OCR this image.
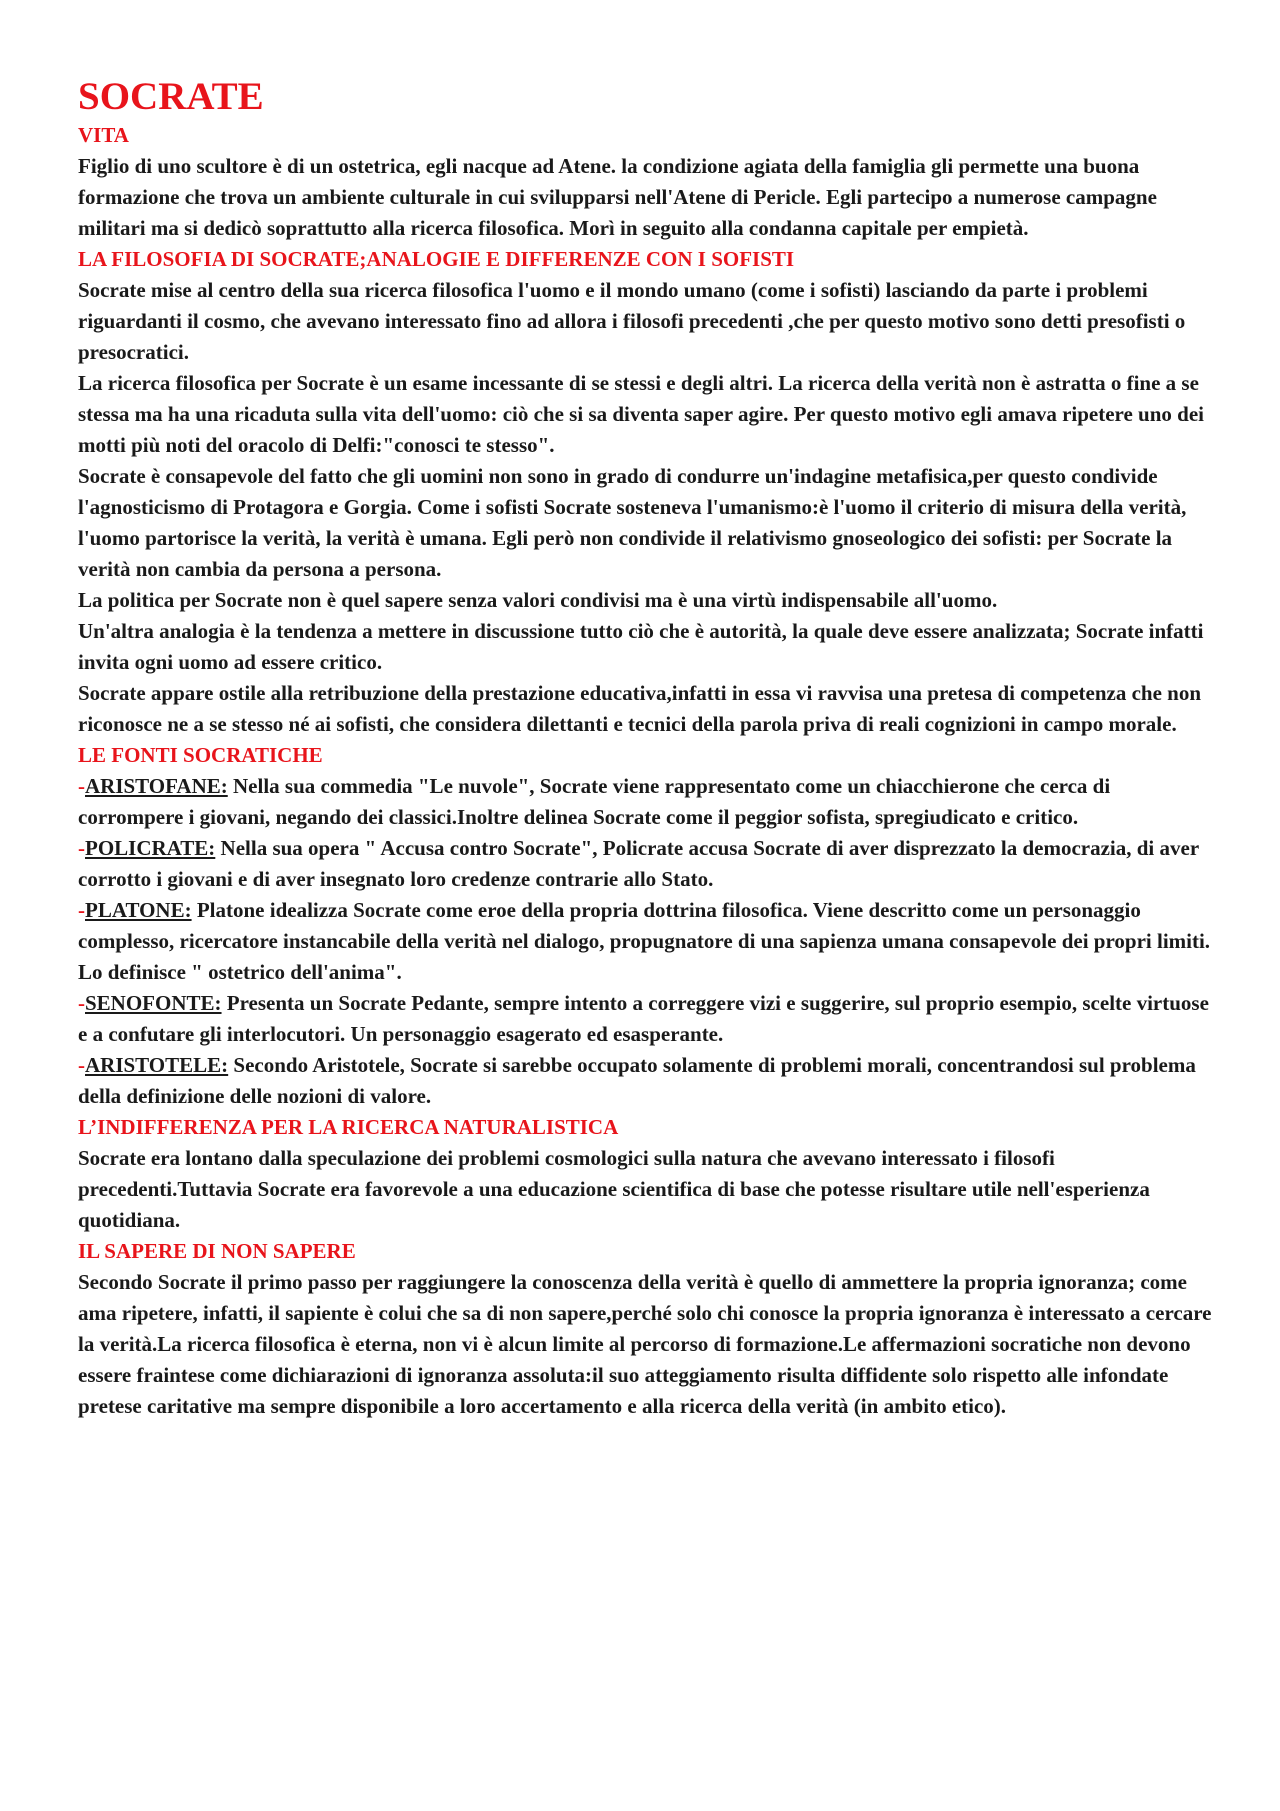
SOCRATE
VITA

Figlio di uno scultore è di un ostetrica, egli nacque ad Atene. la condizione agiata della famiglia gli permette una buona formazione che trova un ambiente culturale in cui svilupparsi nell'Atene di Pericle. Egli partecipo a numerose campagne militari ma si dedicò soprattutto alla ricerca filosofica. Morì in seguito alla condanna capitale per empietà.

LA FILOSOFIA DI SOCRATE;ANALOGIE E DIFFERENZE CON I SOFISTI

Socrate mise al centro della sua ricerca filosofica l'uomo e il mondo umano (come i sofisti) lasciando da parte i problemi riguardanti il cosmo, che avevano interessato fino ad allora i filosofi precedenti ,che per questo motivo sono detti presofisti o presocratici.

La ricerca filosofica per Socrate è un esame incessante di se stessi e degli altri. La ricerca della verità non è astratta o fine a se stessa ma ha una ricaduta sulla vita dell'uomo: ciò che si sa diventa saper agire. Per questo motivo egli amava ripetere uno dei motti più noti del oracolo di Delfi:"conosci te stesso".

Socrate è consapevole del fatto che gli uomini non sono in grado di condurre un'indagine metafisica,per questo condivide l'agnosticismo di Protagora e Gorgia. Come i sofisti Socrate sosteneva l'umanismo:è l'uomo il criterio di misura della verità, l'uomo partorisce la verità, la verità è umana. Egli però non condivide il relativismo gnoseologico dei sofisti: per Socrate la verità non cambia da persona a persona.

La politica per Socrate non è quel sapere senza valori condivisi ma è una virtù indispensabile all'uomo.

Un'altra analogia è la tendenza a mettere in discussione tutto ciò che è autorità, la quale deve essere analizzata; Socrate infatti invita ogni uomo ad essere critico.

Socrate appare ostile alla retribuzione della prestazione educativa,infatti in essa vi ravvisa una pretesa di competenza che non riconosce ne a se stesso né ai sofisti, che considera dilettanti e tecnici della parola priva di reali cognizioni in campo morale.

LE FONTI SOCRATICHE

-ARISTOFANE: Nella sua commedia "Le nuvole", Socrate viene rappresentato come un chiacchierone che cerca di corrompere i giovani, negando dei classici.Inoltre delinea Socrate come il peggior sofista, spregiudicato e critico.

-POLICRATE: Nella sua opera " Accusa contro Socrate", Policrate accusa Socrate di aver disprezzato la democrazia, di aver corrotto i giovani e di aver insegnato loro credenze contrarie allo Stato.

-PLATONE: Platone idealizza Socrate come eroe della propria dottrina filosofica. Viene descritto come un personaggio complesso, ricercatore instancabile della verità nel dialogo, propugnatore di una sapienza umana consapevole dei propri limiti. Lo definisce " ostetrico dell'anima".

-SENOFONTE: Presenta un Socrate Pedante, sempre intento a correggere vizi e suggerire, sul proprio esempio, scelte virtuose e a confutare gli interlocutori. Un personaggio esagerato ed esasperante.

-ARISTOTELE: Secondo Aristotele, Socrate si sarebbe occupato solamente di problemi morali, concentrandosi sul problema della definizione delle nozioni di valore.

L’INDIFFERENZA PER LA RICERCA NATURALISTICA

Socrate era lontano dalla speculazione dei problemi cosmologici sulla natura che avevano interessato i filosofi precedenti.Tuttavia Socrate era favorevole a una educazione scientifica di base che potesse risultare utile nell'esperienza quotidiana.

IL SAPERE DI NON SAPERE

Secondo Socrate il primo passo per raggiungere la conoscenza della verità è quello di ammettere la propria ignoranza; come ama ripetere, infatti, il sapiente è colui che sa di non sapere,perché solo chi conosce la propria ignoranza è interessato a cercare la verità.La ricerca filosofica è eterna, non vi è alcun limite al percorso di formazione.Le affermazioni socratiche non devono essere fraintese come dichiarazioni di ignoranza assoluta:il suo atteggiamento risulta diffidente solo rispetto alle infondate pretese caritative ma sempre disponibile a loro accertamento e alla ricerca della verità (in ambito etico).
